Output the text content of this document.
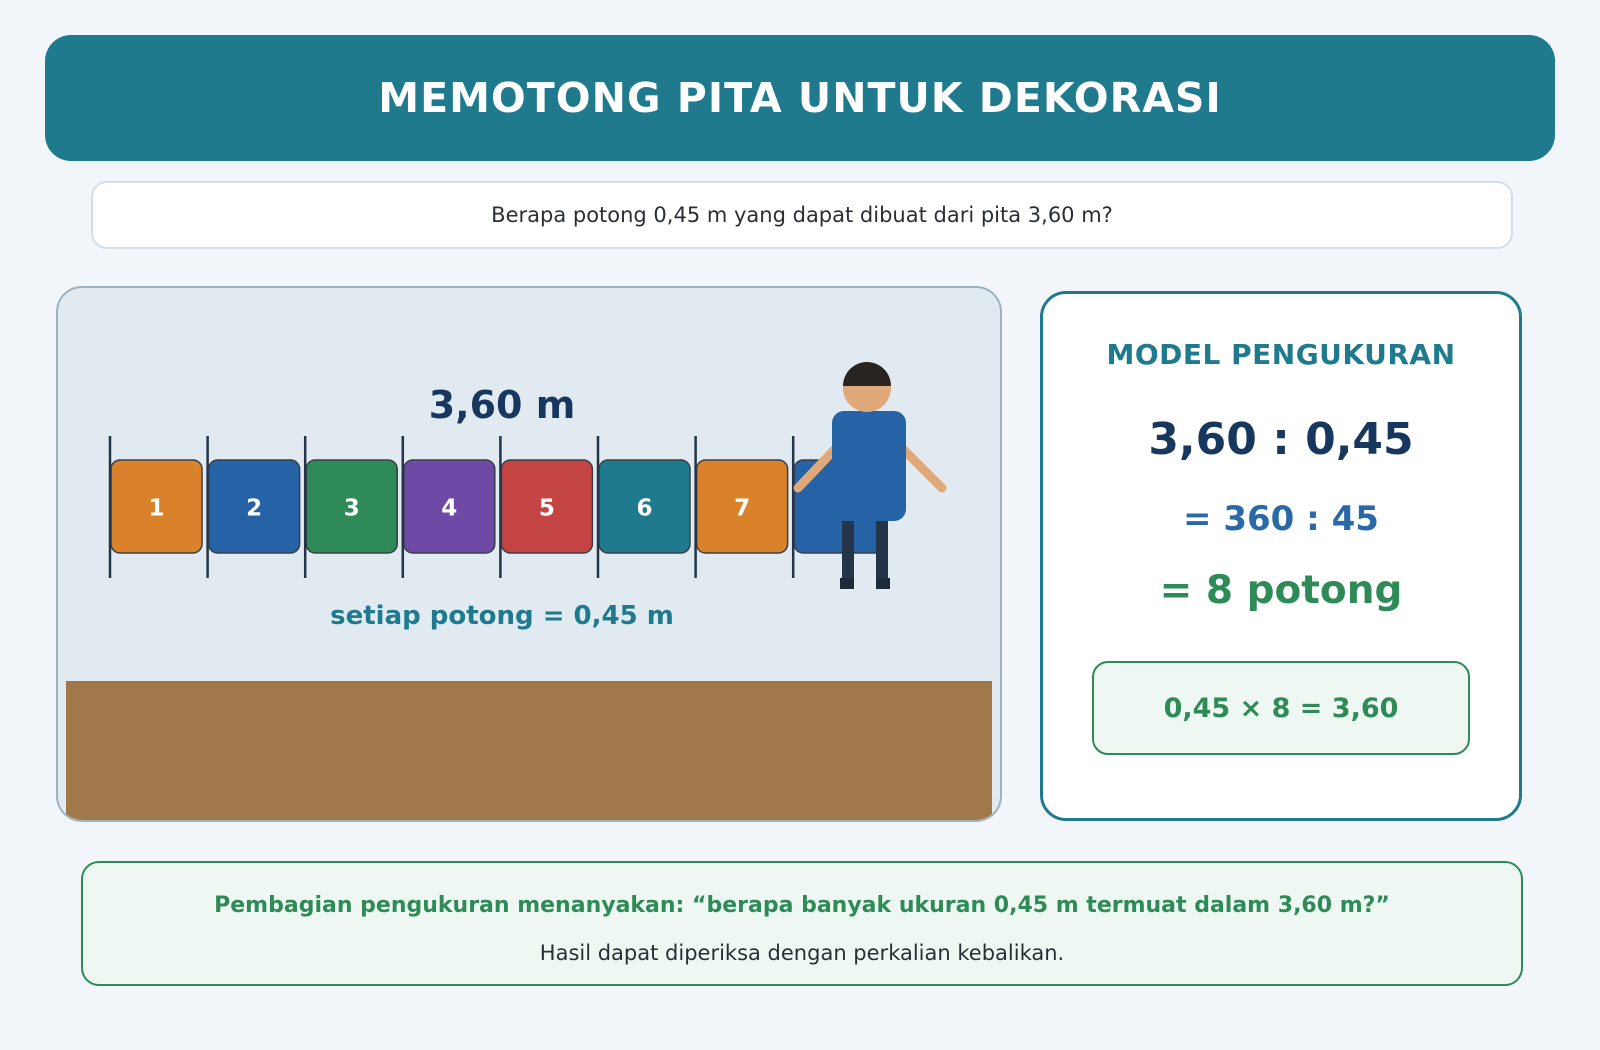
MEMOTONG PITA UNTUK DEKORASI
Berapa potong 0,45 m yang dapat dibuat dari pita 3,60 m?
3,60 m
1	2	3	4	5	6	7
setiap potong = 0,45 m
MODEL PENGUKURAN
3,60 : 0,45
= 360 : 45
= 8 potong
0,45 × 8 = 3,60
Pembagian pengukuran menanyakan: “berapa banyak ukuran 0,45 m termuat dalam 3,60 m?”
Hasil dapat diperiksa dengan perkalian kebalikan.
